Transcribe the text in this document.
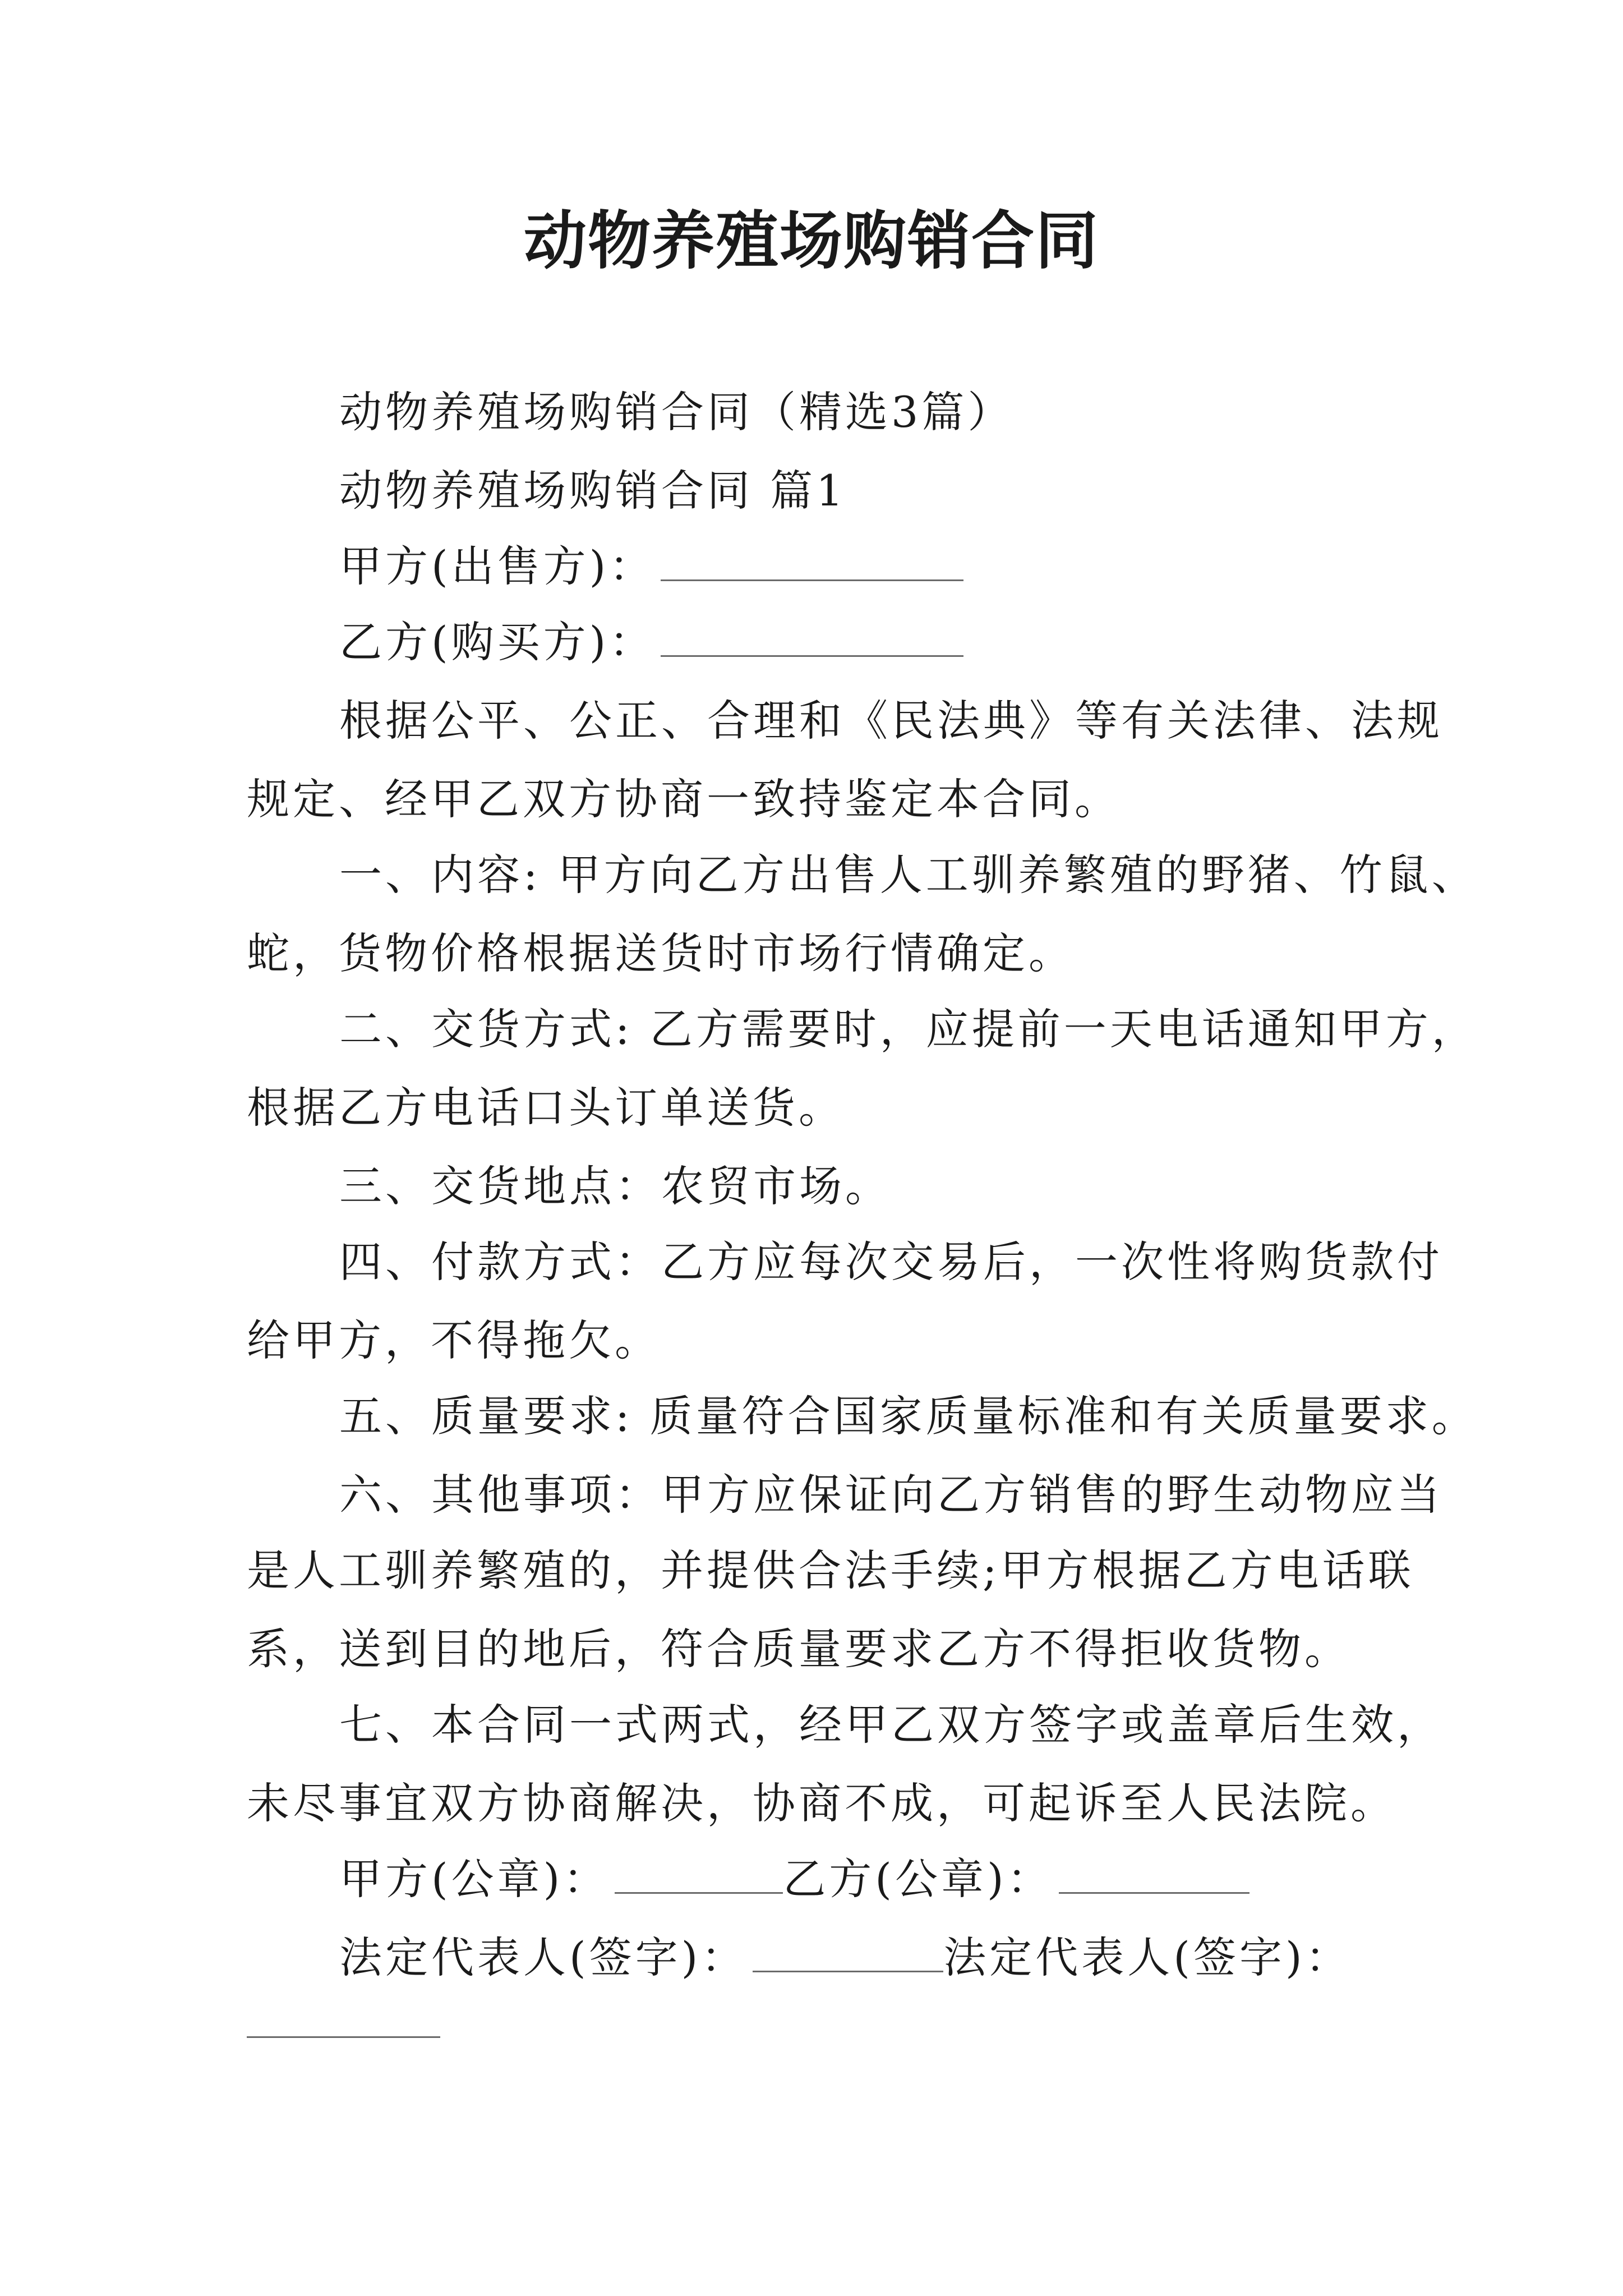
动物养殖场购销合同
动物养殖场购销合同（精选3篇）
动物养殖场购销合同 篇1
甲方(出售方)：
乙方(购买方)：
根据公平、公正、合理和《民法典》等有关法律、法规
规定、经甲乙双方协商一致持鉴定本合同。
一、内容: 甲方向乙方出售人工驯养繁殖的野猪、竹鼠、
蛇，货物价格根据送货时市场行情确定。
二、交货方式: 乙方需要时，应提前一天电话通知甲方，
根据乙方电话口头订单送货。
三、交货地点：农贸市场。
四、付款方式：乙方应每次交易后，一次性将购货款付
给甲方，不得拖欠。
五、质量要求: 质量符合国家质量标准和有关质量要求。
六、其他事项：甲方应保证向乙方销售的野生动物应当
是人工驯养繁殖的，并提供合法手续;甲方根据乙方电话联
系，送到目的地后，符合质量要求乙方不得拒收货物。
七、本合同一式两式，经甲乙双方签字或盖章后生效，
未尽事宜双方协商解决，协商不成，可起诉至人民法院。
甲方(公章)：	乙方(公章)：
法定代表人(签字)：	法定代表人(签字)：
